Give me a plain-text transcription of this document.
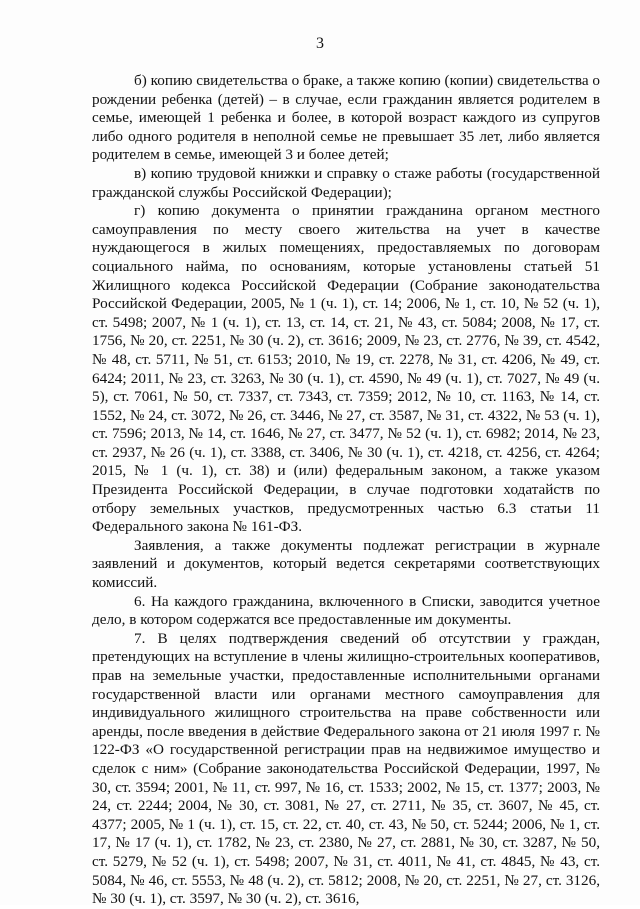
3

б) копию свидетельства о браке, а также копию (копии) свидетельства о рождении ребенка (детей) – в случае, если гражданин является родителем в семье, имеющей 1 ребенка и более, в которой возраст каждого из супругов либо одного родителя в неполной семье не превышает 35 лет, либо является родителем в семье, имеющей 3 и более детей;

в) копию трудовой книжки и справку о стаже работы (государственной гражданской службы Российской Федерации);

г) копию документа о принятии гражданина органом местного самоуправления по месту своего жительства на учет в качестве нуждающегося в жилых помещениях, предоставляемых по договорам социального найма, по основаниям, которые установлены статьей 51 Жилищного кодекса Российской Федерации (Собрание законодательства Российской Федерации, 2005, № 1 (ч. 1), ст. 14; 2006, № 1, ст. 10, № 52 (ч. 1), ст. 5498; 2007, № 1 (ч. 1), ст. 13, ст. 14, ст. 21, № 43, ст. 5084; 2008, № 17, ст. 1756, № 20, ст. 2251, № 30 (ч. 2), ст. 3616; 2009, № 23, ст. 2776, № 39, ст. 4542, № 48, ст. 5711, № 51, ст. 6153; 2010, № 19, ст. 2278, № 31, ст. 4206, № 49, ст. 6424; 2011, № 23, ст. 3263, № 30 (ч. 1), ст. 4590, № 49 (ч. 1), ст. 7027, № 49 (ч. 5), ст. 7061, № 50, ст. 7337, ст. 7343, ст. 7359; 2012, № 10, ст. 1163, № 14, ст. 1552, № 24, ст. 3072, № 26, ст. 3446, № 27, ст. 3587, № 31, ст. 4322, № 53 (ч. 1), ст. 7596; 2013, № 14, ст. 1646, № 27, ст. 3477, № 52 (ч. 1), ст. 6982; 2014, № 23, ст. 2937, № 26 (ч. 1), ст. 3388, ст. 3406, № 30 (ч. 1), ст. 4218, ст. 4256, ст. 4264; 2015, № 1 (ч. 1), ст. 38) и (или) федеральным законом, а также указом Президента Российской Федерации, в случае подготовки ходатайств по отбору земельных участков, предусмотренных частью 6.3 статьи 11 Федерального закона № 161-ФЗ.

Заявления, а также документы подлежат регистрации в журнале заявлений и документов, который ведется секретарями соответствующих комиссий.

6. На каждого гражданина, включенного в Списки, заводится учетное дело, в котором содержатся все предоставленные им документы.

7. В целях подтверждения сведений об отсутствии у граждан, претендующих на вступление в члены жилищно-строительных кооперативов, прав на земельные участки, предоставленные исполнительными органами государственной власти или органами местного самоуправления для индивидуального жилищного строительства на праве собственности или аренды, после введения в действие Федерального закона от 21 июля 1997 г. № 122-ФЗ «О государственной регистрации прав на недвижимое имущество и сделок с ним» (Собрание законодательства Российской Федерации, 1997, № 30, ст. 3594; 2001, № 11, ст. 997, № 16, ст. 1533; 2002, № 15, ст. 1377; 2003, № 24, ст. 2244; 2004, № 30, ст. 3081, № 27, ст. 2711, № 35, ст. 3607, № 45, ст. 4377; 2005, № 1 (ч. 1), ст. 15, ст. 22, ст. 40, ст. 43, № 50, ст. 5244; 2006, № 1, ст. 17, № 17 (ч. 1), ст. 1782, № 23, ст. 2380, № 27, ст. 2881, № 30, ст. 3287, № 50, ст. 5279, № 52 (ч. 1), ст. 5498; 2007, № 31, ст. 4011, № 41, ст. 4845, № 43, ст. 5084, № 46, ст. 5553, № 48 (ч. 2), ст. 5812; 2008, № 20, ст. 2251, № 27, ст. 3126, № 30 (ч. 1), ст. 3597, № 30 (ч. 2), ст. 3616,
